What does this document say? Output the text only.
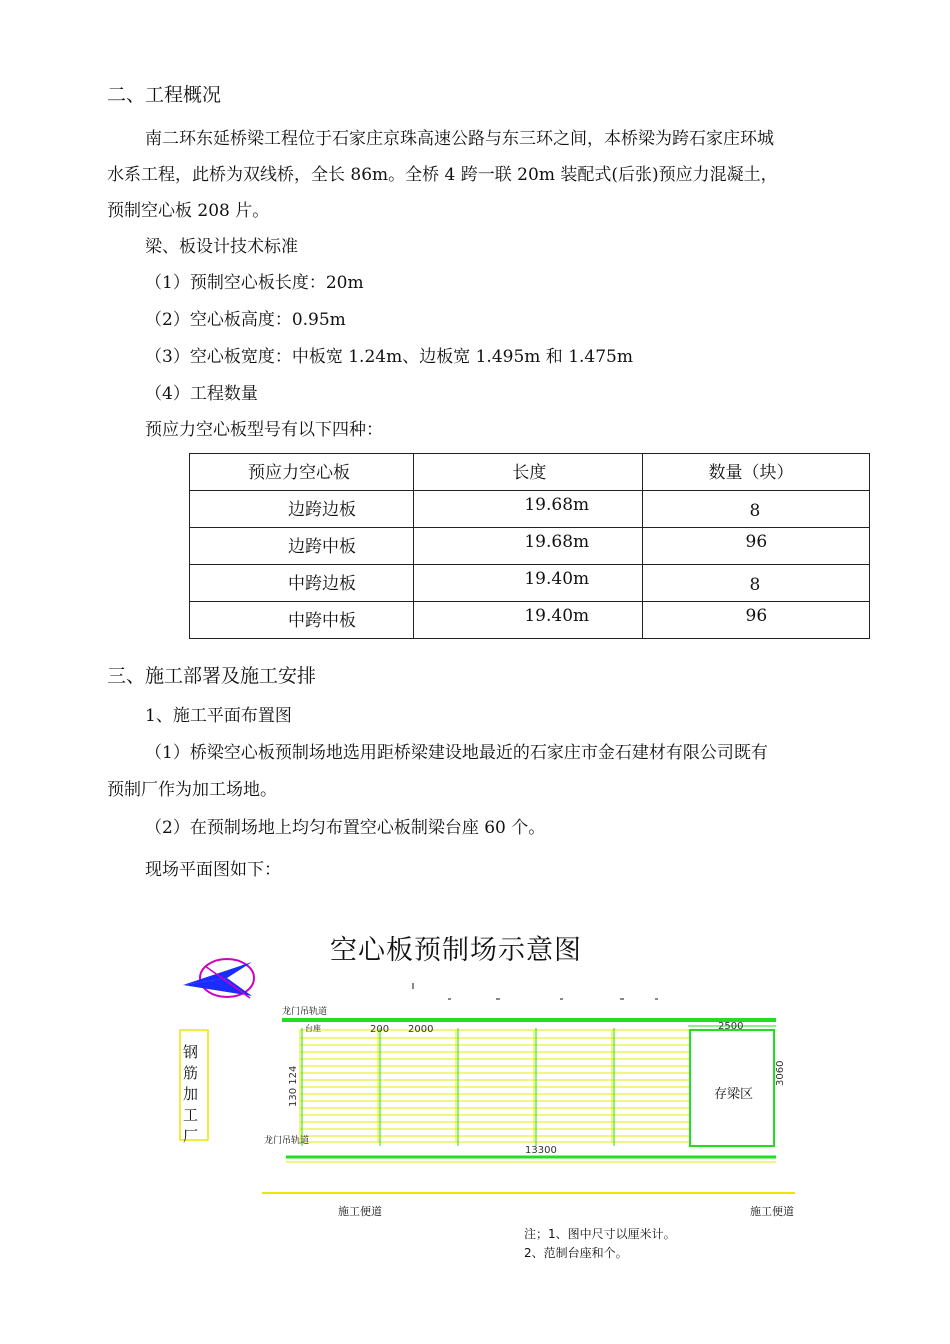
二、工程概况
南二环东延桥梁工程位于石家庄京珠高速公路与东三环之间，本桥梁为跨石家庄环城
水系工程，此桥为双线桥，全长 86m。全桥 4 跨一联 20m 装配式(后张)预应力混凝土，
预制空心板 208 片。
梁、板设计技术标准
（1）预制空心板长度：20m
（2）空心板高度：0.95m
（3）空心板宽度：中板宽 1.24m、边板宽 1.495m 和 1.475m
（4）工程数量
预应力空心板型号有以下四种：
预应力空心板	长度	数量（块）

边跨边板	19.68m	8

边跨中板	19.68m	96

中跨边板	19.40m	8

中跨中板	19.40m	96
三、施工部署及施工安排
1、施工平面布置图
（1）桥梁空心板预制场地选用距桥梁建设地最近的石家庄市金石建材有限公司既有
预制厂作为加工场地。
（2）在预制场地上均匀布置空心板制梁台座 60 个。
现场平面图如下：
空心板预制场示意图
钢筋
加工
厂
存梁区
龙门吊轨道
龙门吊轨道
台座	200 2000	2500
3060
13300
130 124
施工便道	施工便道
注；1、图中尺寸以厘米计。
2、范制台座和个。
